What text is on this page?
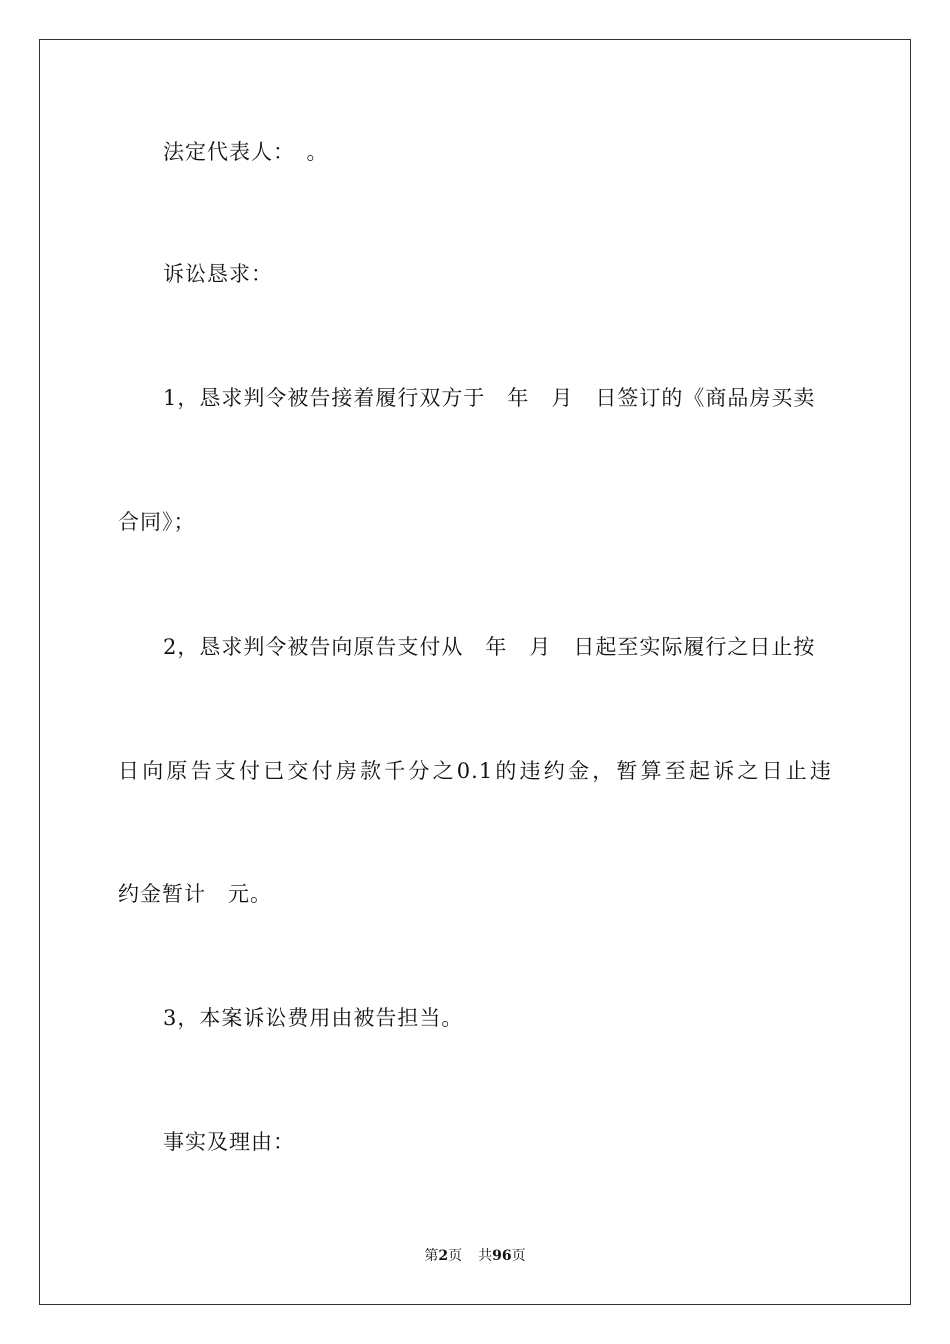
法定代表人：　。
诉讼恳求：
1，恳求判令被告接着履行双方于　年　月　日签订的《商品房买卖
合同》；
2，恳求判令被告向原告支付从　年　月　日起至实际履行之日止按
日向原告支付已交付房款千分之0.1的违约金，暂算至起诉之日止违
约金暂计　元。
3，本案诉讼费用由被告担当。
事实及理由：
第2页 共96页
